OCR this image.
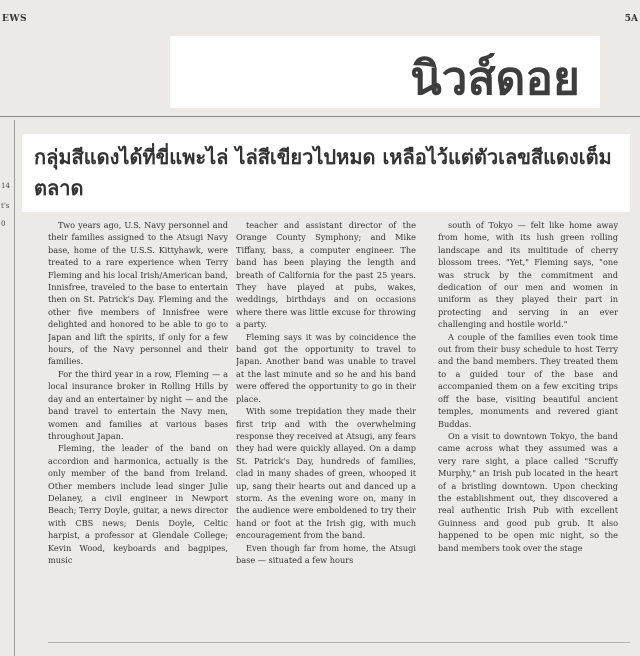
EWS	5A
นิวส์ดอย
14
t's
0
กลุ่มสีแดงได้ที่ขี่แพะไล่ ไล่สีเขียวไปหมด เหลือไว้แต่ตัวเลขสีแดงเต็มตลาด

Two years ago, U.S. Navy personnel and their families assigned to the Atsugi Navy base, home of the U.S.S. Kittyhawk, were treated to a rare experience when Terry Fleming and his local Irish/American band, Innisfree, traveled to the base to entertain then on St. Patrick's Day. Fleming and the other five members of Innisfree were delighted and honored to be able to go to Japan and lift the spirits, if only for a few hours, of the Navy personnel and their families.

For the third year in a row, Fleming — a local insurance broker in Rolling Hills by day and an entertainer by night — and the band travel to entertain the Navy men, women and families at various bases throughout Japan.

Fleming, the leader of the band on accordion and harmonica, actually is the only member of the band from Ireland. Other members include lead singer Julie Delaney, a civil engineer in Newport Beach; Terry Doyle, guitar, a news director with CBS news; Denis Doyle, Celtic harpist, a professor at Glendale College; Kevin Wood, keyboards and bagpipes, music

teacher and assistant director of the Orange County Symphony; and Mike Tiffany, bass, a computer engineer. The band has been playing the length and breath of California for the past 25 years. They have played at pubs, wakes, weddings, birthdays and on occasions where there was little excuse for throwing a party.

Fleming says it was by coincidence the band got the opportunity to travel to Japan. Another band was unable to travel at the last minute and so he and his band were offered the opportunity to go in their place.

With some trepidation they made their first trip and with the overwhelming response they received at Atsugi, any fears they had were quickly allayed. On a damp St. Patrick's Day, hundreds of families, clad in many shades of green, whooped it up, sang their hearts out and danced up a storm. As the evening wore on, many in the audience were emboldened to try their hand or foot at the Irish gig, with much encouragement from the band.

Even though far from home, the Atsugi base — situated a few hours

south of Tokyo — felt like home away from home, with its lush green rolling landscape and its multitude of cherry blossom trees. "Yet," Fleming says, "one was struck by the commitment and dedication of our men and women in uniform as they played their part in protecting and serving in an ever challenging and hostile world."

A couple of the families even took time out from their busy schedule to host Terry and the band members. They treated them to a guided tour of the base and accompanied them on a few exciting trips off the base, visiting beautiful ancient temples, monuments and revered giant Buddas.

On a visit to downtown Tokyo, the band came across what they assumed was a very rare sight, a place called "Scruffy Murphy," an Irish pub located in the heart of a bristling downtown. Upon checking the establishment out, they discovered a real authentic Irish Pub with excellent Guinness and good pub grub. It also happened to be open mic night, so the band members took over the stage
